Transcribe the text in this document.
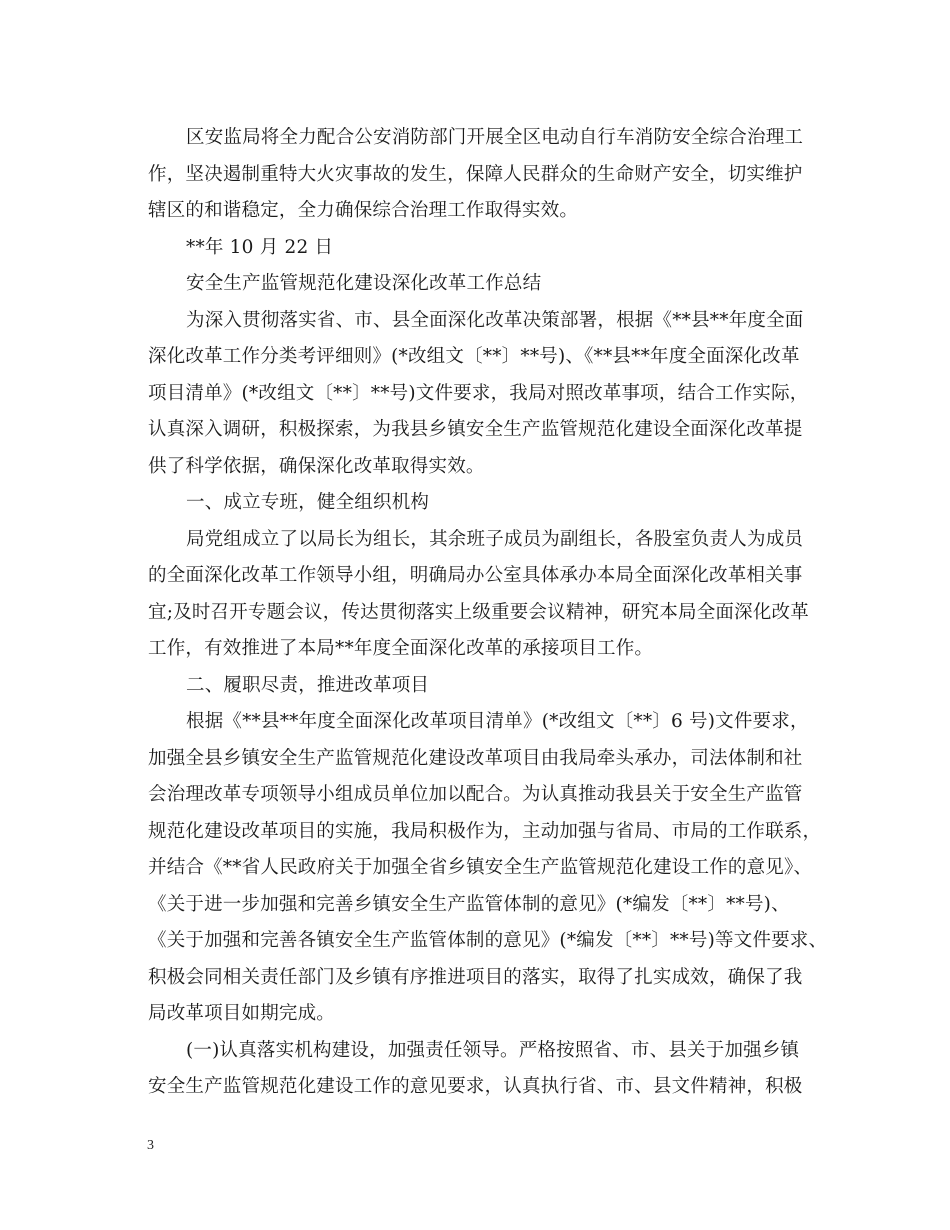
区安监局将全力配合公安消防部门开展全区电动自行车消防安全综合治理工
作，坚决遏制重特大火灾事故的发生，保障人民群众的生命财产安全，切实维护
辖区的和谐稳定，全力确保综合治理工作取得实效。
**年 10 月 22 日
安全生产监管规范化建设深化改革工作总结
为深入贯彻落实省、市、县全面深化改革决策部署，根据《**县**年度全面
深化改革工作分类考评细则》(*改组文〔**〕**号)、《**县**年度全面深化改革
项目清单》(*改组文〔**〕**号)文件要求，我局对照改革事项，结合工作实际，
认真深入调研，积极探索，为我县乡镇安全生产监管规范化建设全面深化改革提
供了科学依据，确保深化改革取得实效。
一、成立专班，健全组织机构
局党组成立了以局长为组长，其余班子成员为副组长，各股室负责人为成员
的全面深化改革工作领导小组，明确局办公室具体承办本局全面深化改革相关事
宜;及时召开专题会议，传达贯彻落实上级重要会议精神，研究本局全面深化改革
工作，有效推进了本局**年度全面深化改革的承接项目工作。
二、履职尽责，推进改革项目
根据《**县**年度全面深化改革项目清单》(*改组文〔**〕6 号)文件要求，
加强全县乡镇安全生产监管规范化建设改革项目由我局牵头承办，司法体制和社
会治理改革专项领导小组成员单位加以配合。为认真推动我县关于安全生产监管
规范化建设改革项目的实施，我局积极作为，主动加强与省局、市局的工作联系，
并结合《**省人民政府关于加强全省乡镇安全生产监管规范化建设工作的意见》、
《关于进一步加强和完善乡镇安全生产监管体制的意见》(*编发〔**〕**号)、
《关于加强和完善各镇安全生产监管体制的意见》(*编发〔**〕**号)等文件要求、
积极会同相关责任部门及乡镇有序推进项目的落实，取得了扎实成效，确保了我
局改革项目如期完成。
(一)认真落实机构建设，加强责任领导。严格按照省、市、县关于加强乡镇
安全生产监管规范化建设工作的意见要求，认真执行省、市、县文件精神，积极
3
